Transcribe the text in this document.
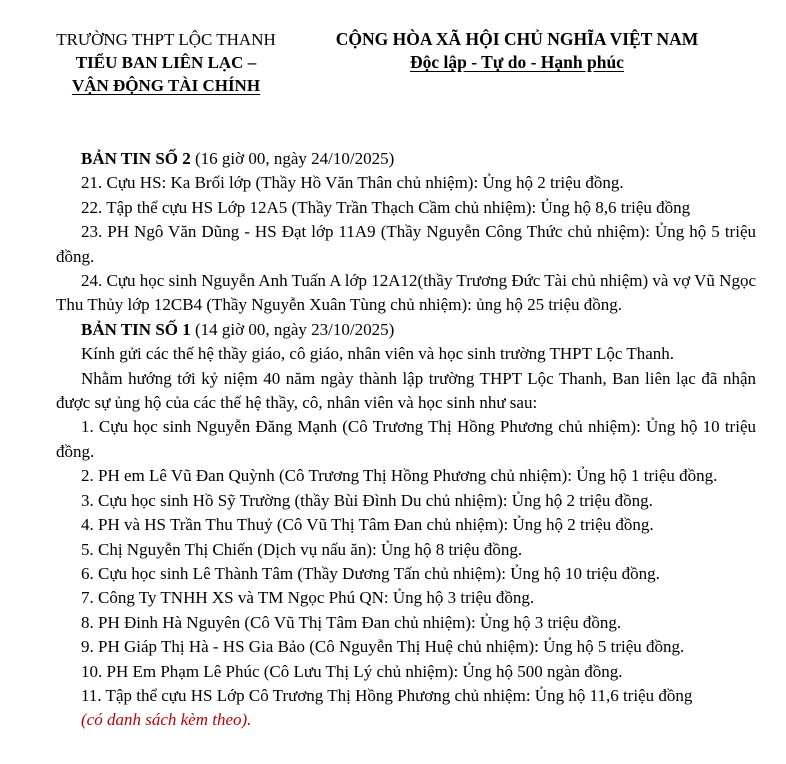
TRƯỜNG THPT LỘC THANH
TIỂU BAN LIÊN LẠC –
VẬN ĐỘNG TÀI CHÍNH
CỘNG HÒA XÃ HỘI CHỦ NGHĨA VIỆT NAM
Độc lập - Tự do - Hạnh phúc
BẢN TIN SỐ 2 (16 giờ 00, ngày 24/10/2025)
21. Cựu HS: Ka Brối lớp (Thầy Hồ Văn Thân chủ nhiệm): Ủng hộ 2 triệu đồng.
22. Tập thể cựu HS Lớp 12A5 (Thầy Trần Thạch Cầm chủ nhiệm): Ủng hộ 8,6 triệu đồng
23. PH Ngô Văn Dũng - HS Đạt lớp 11A9 (Thầy Nguyễn Công Thức chủ nhiệm): Ủng hộ 5 triệu đồng.
24. Cựu học sinh Nguyễn Anh Tuấn A lớp 12A12(thầy Trương Đức Tài chủ nhiệm) và vợ Vũ Ngọc Thu Thủy lớp 12CB4 (Thầy Nguyễn Xuân Tùng chủ nhiệm): ủng hộ 25 triệu đồng.
BẢN TIN SỐ 1 (14 giờ 00, ngày 23/10/2025)
Kính gửi các thế hệ thầy giáo, cô giáo, nhân viên và học sinh trường THPT Lộc Thanh.
Nhằm hướng tới kỷ niệm 40 năm ngày thành lập trường THPT Lộc Thanh, Ban liên lạc đã nhận được sự ủng hộ của các thế hệ thầy, cô, nhân viên và học sinh như sau:
1. Cựu học sinh Nguyễn Đăng Mạnh (Cô Trương Thị Hồng Phương chủ nhiệm): Ủng hộ 10 triệu đồng.
2. PH em Lê Vũ Đan Quỳnh (Cô Trương Thị Hồng Phương chủ nhiệm): Ủng hộ 1 triệu đồng.
3. Cựu học sinh Hồ Sỹ Trường (thầy Bùi Đình Du chủ nhiệm): Ủng hộ 2 triệu đồng.
4. PH và HS Trần Thu Thuỷ (Cô Vũ Thị Tâm Đan chủ nhiệm): Ủng hộ 2 triệu đồng.
5. Chị Nguyễn Thị Chiến (Dịch vụ nấu ăn): Ủng hộ 8 triệu đồng.
6. Cựu học sinh Lê Thành Tâm (Thầy Dương Tấn chủ nhiệm): Ủng hộ 10 triệu đồng.
7. Công Ty TNHH XS và TM Ngọc Phú QN: Ủng hộ 3 triệu đồng.
8. PH Đinh Hà Nguyên (Cô Vũ Thị Tâm Đan chủ nhiệm): Ủng hộ 3 triệu đồng.
9. PH Giáp Thị Hà - HS Gia Bảo (Cô Nguyễn Thị Huệ chủ nhiệm): Ủng hộ 5 triệu đồng.
10. PH Em Phạm Lê Phúc (Cô Lưu Thị Lý chủ nhiệm): Ủng hộ 500 ngàn đồng.
11. Tập thể cựu HS Lớp Cô Trương Thị Hồng Phương chủ nhiệm: Ủng hộ 11,6 triệu đồng
(có danh sách kèm theo).
